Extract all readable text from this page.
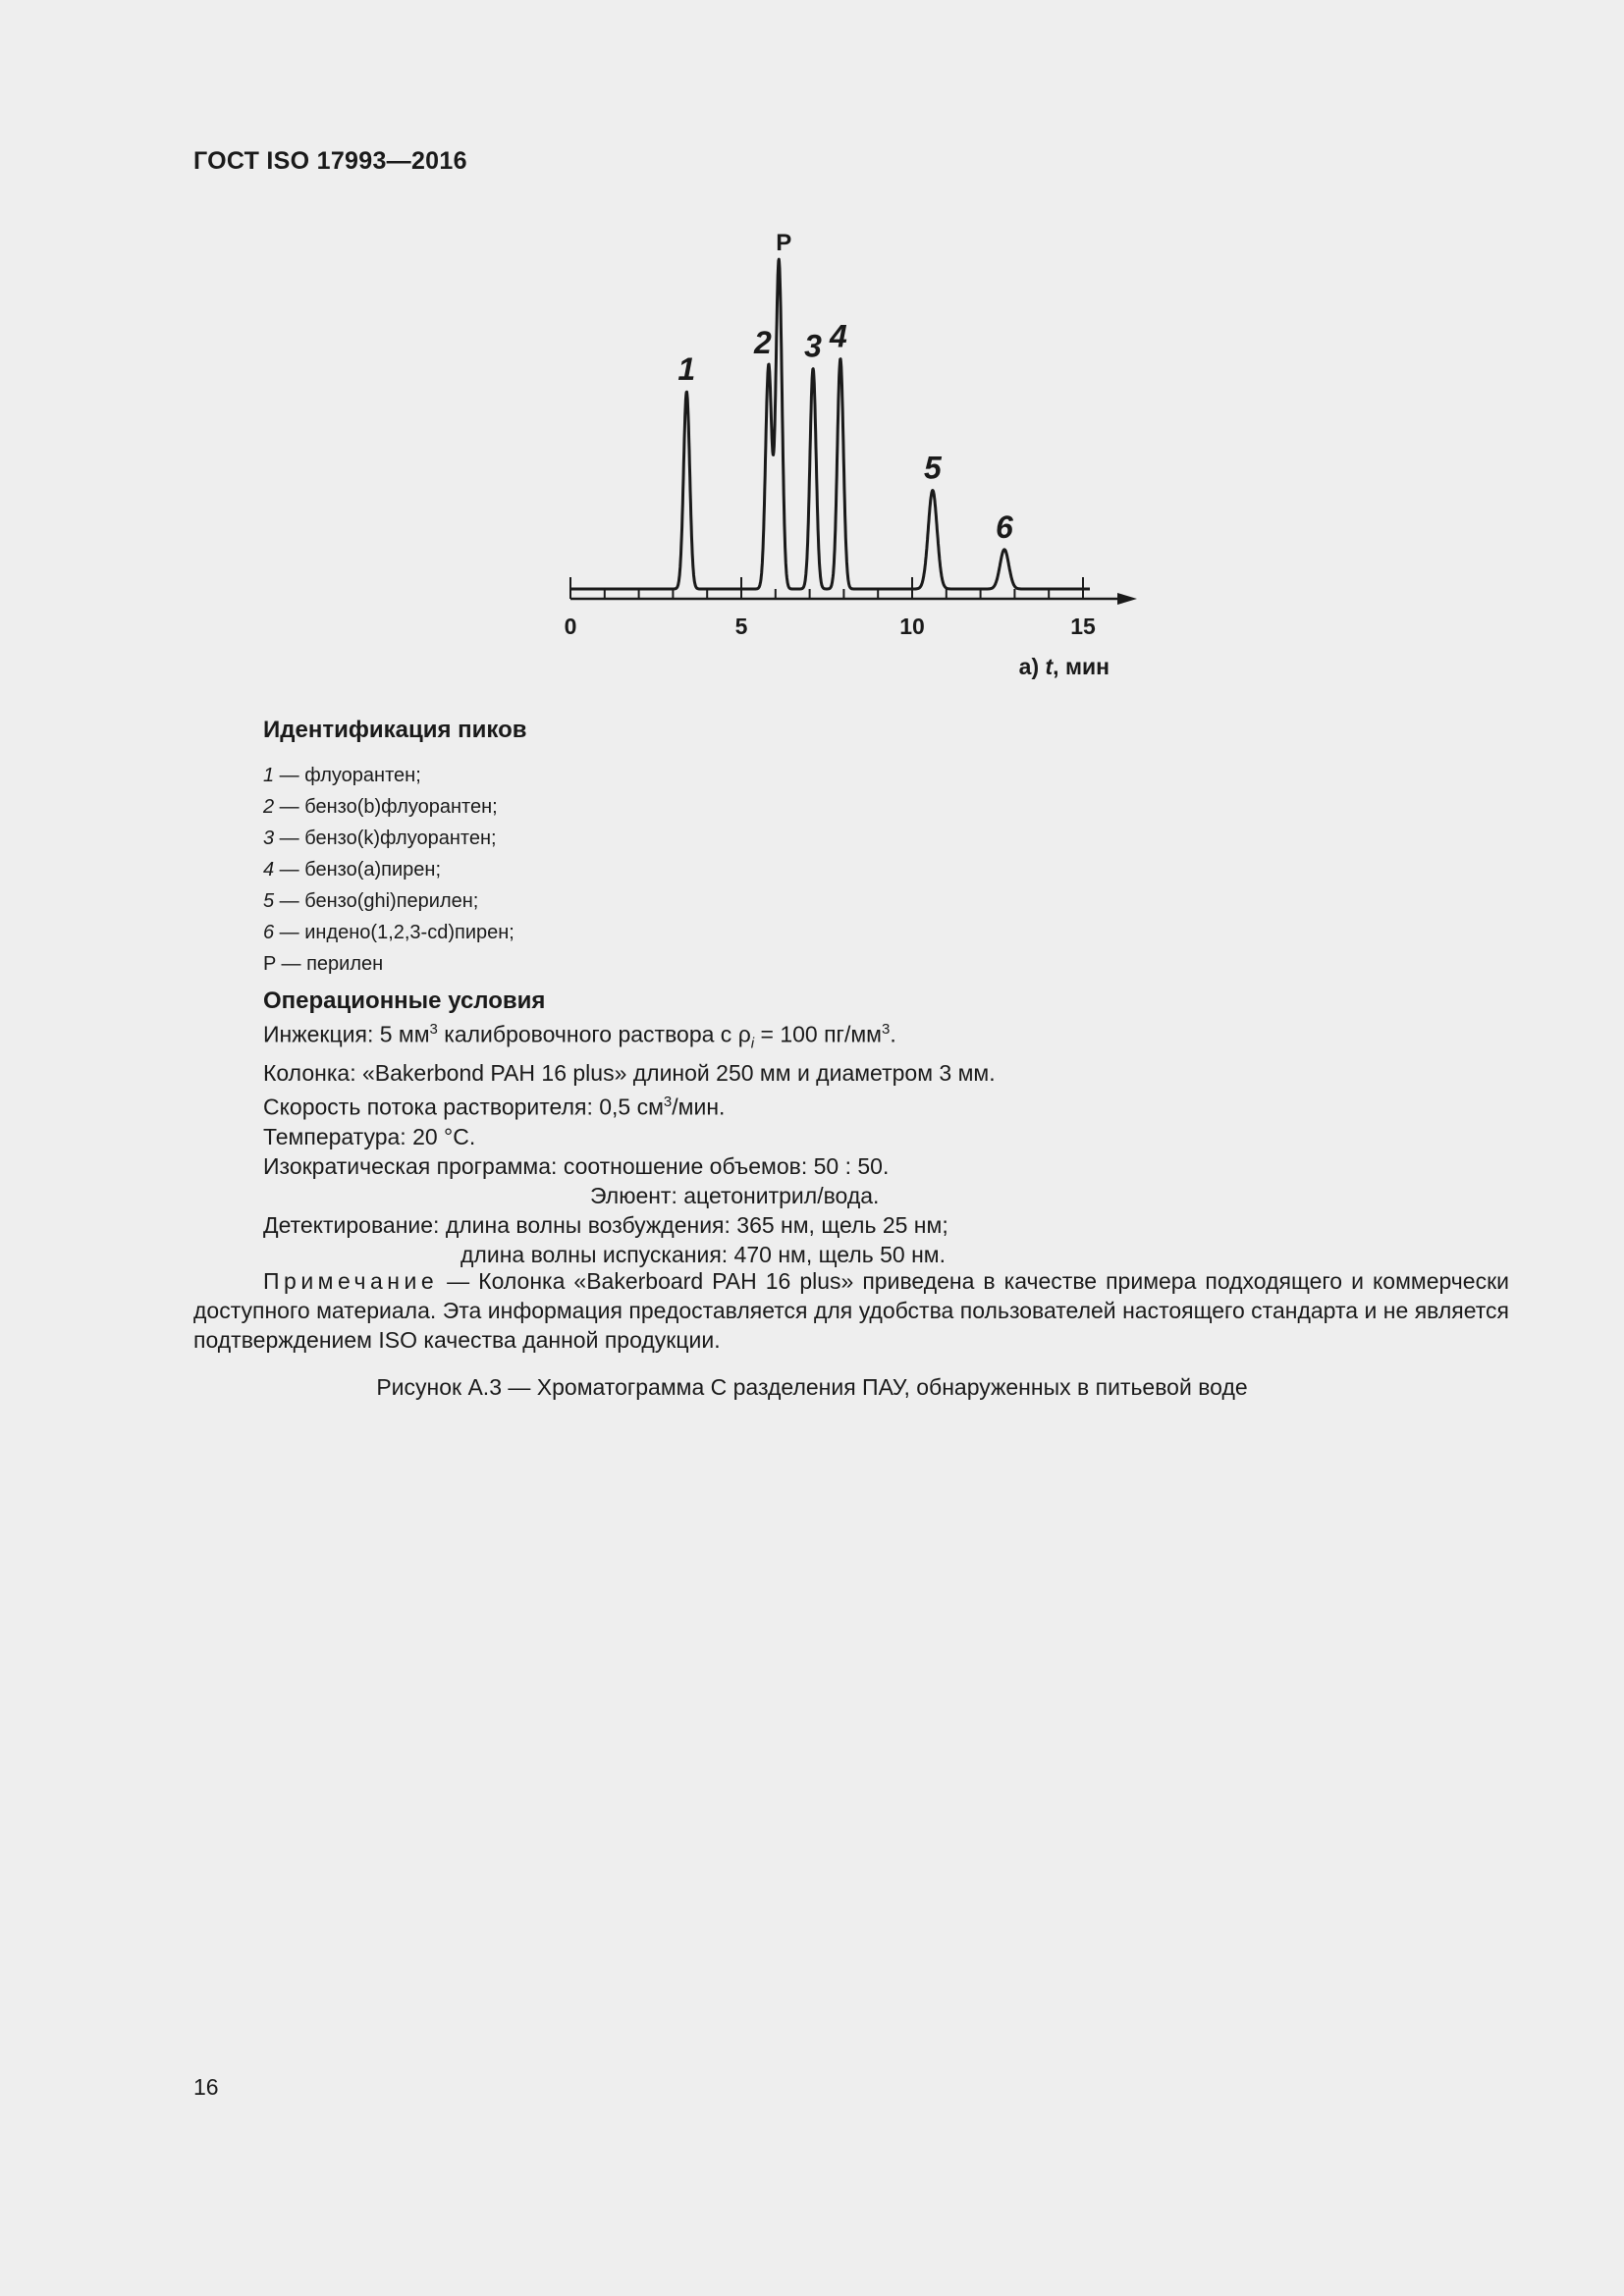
ГОСТ ISO 17993—2016
0	5	10	15
1
2
P
3 4
5
6
а) t, мин
Идентификация пиков
1 — флуорантен;
2 — бензо(b)флуорантен;
3 — бензо(k)флуорантен;
4 — бензо(a)пирен;
5 — бензо(ghi)перилен;
6 — индено(1,2,3-cd)пирен;
P — перилен
Операционные условия
Инжекция: 5 $мм^3$ калибровочного раствора с $\rho_i = 100$ $пг/мм^3$.
Колонка: «Bakerbond PAH 16 plus» длиной 250 мм и диаметром 3 мм.
Скорость потока растворителя: 0,5 $см^3$/мин.
Температура: 20 °С.
Изократическая программа: соотношение объемов: 50 : 50.
Элюент: ацетонитрил/вода.
Детектирование: длина волны возбуждения: 365 нм, щель 25 нм;
длина волны испускания: 470 нм, щель 50 нм.
Примечание — Колонка «Bakerboard PAH 16 plus» приведена в качестве примера подходящего и коммерчески доступного материала. Эта информация предоставляется для удобства пользователей настоящего стандарта и не является подтверждением ISO качества данной продукции.
Рисунок А.3 — Хроматограмма С разделения ПАУ, обнаруженных в питьевой воде
16
